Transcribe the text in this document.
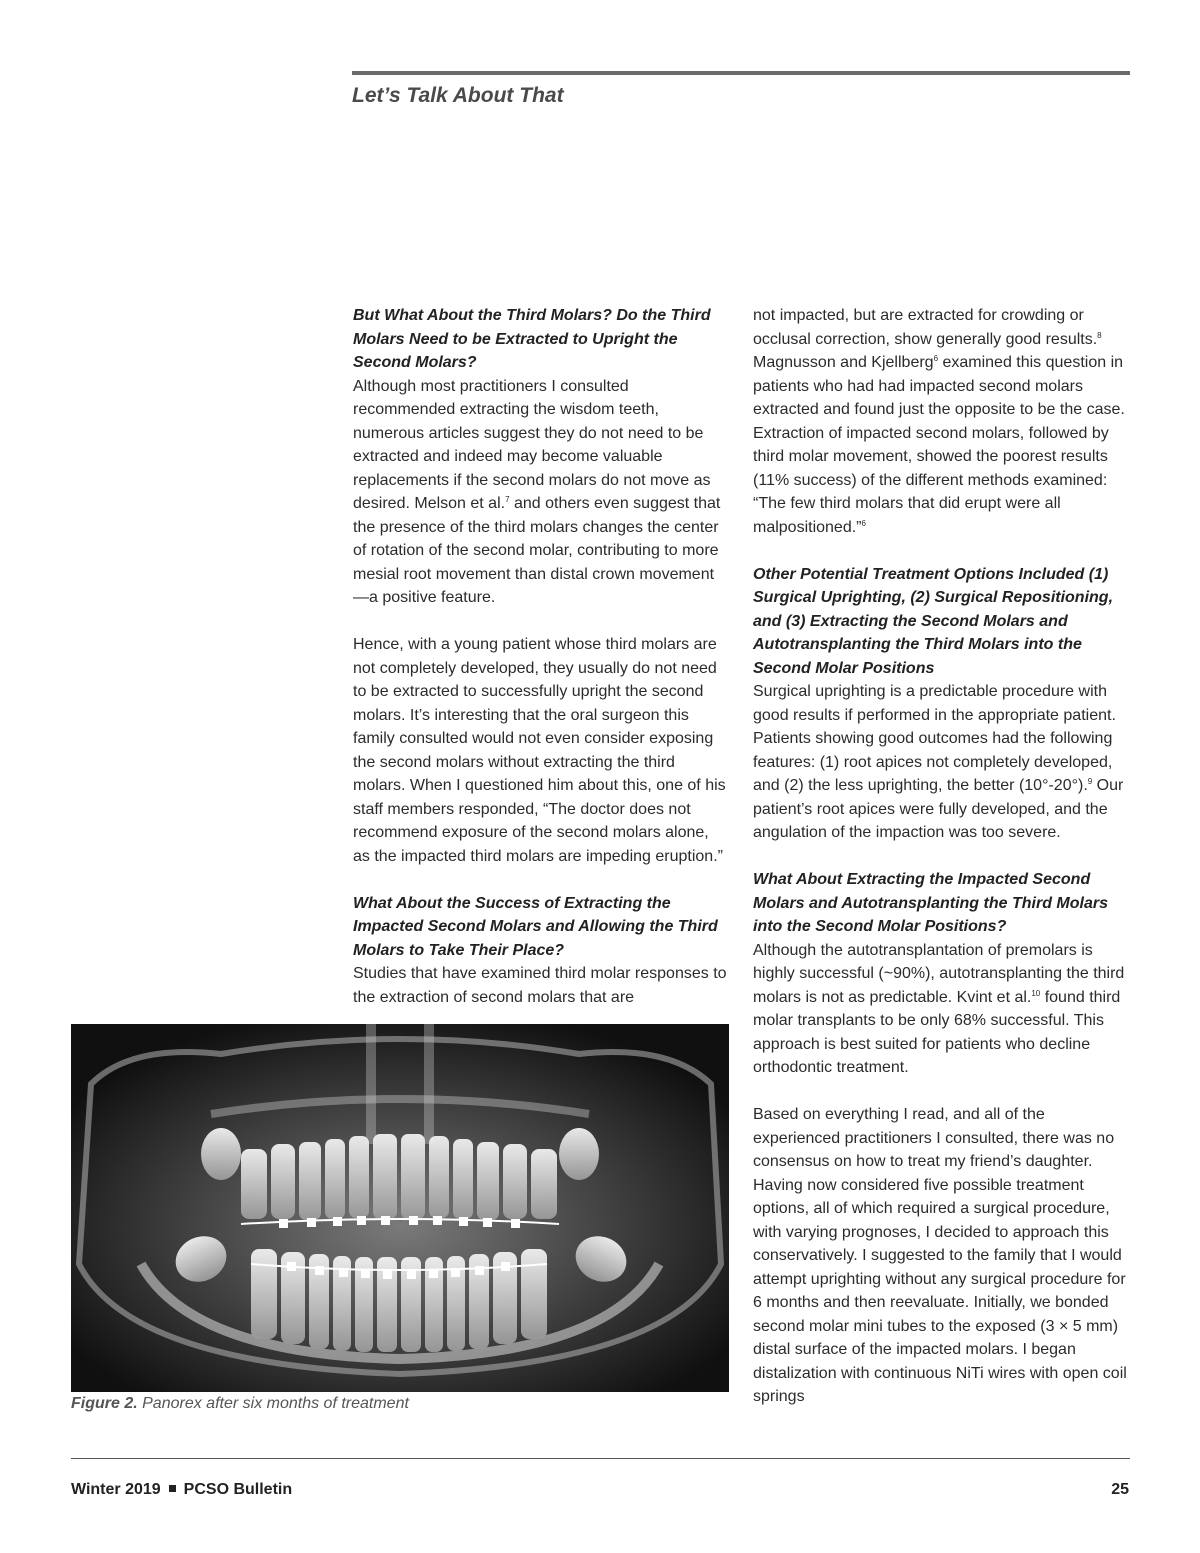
Let’s Talk About That
But What About the Third Molars? Do the Third Molars Need to be Extracted to Upright the Second Molars?

Although most practitioners I consulted recommended extracting the wisdom teeth, numerous articles suggest they do not need to be extracted and indeed may become valuable replacements if the second molars do not move as desired. Melson et al.$^7$ and others even suggest that the presence of the third molars changes the center of rotation of the second molar, contributing to more mesial root movement than distal crown movement—a positive feature.

Hence, with a young patient whose third molars are not completely developed, they usually do not need to be extracted to successfully upright the second molars. It’s interesting that the oral surgeon this family consulted would not even consider exposing the second molars without extracting the third molars. When I questioned him about this, one of his staff members responded, “The doctor does not recommend exposure of the second molars alone, as the impacted third molars are impeding eruption.”

What About the Success of Extracting the Impacted Second Molars and Allowing the Third Molars to Take Their Place?

Studies that have examined third molar responses to the extraction of second molars that are

not impacted, but are extracted for crowding or occlusal correction, show generally good results.$^8$ Magnusson and Kjellberg$^6$ examined this question in patients who had had impacted second molars extracted and found just the opposite to be the case. Extraction of impacted second molars, followed by third molar movement, showed the poorest results (11% success) of the different methods examined: “The few third molars that did erupt were all malpositioned.”$^6$

Other Potential Treatment Options Included (1) Surgical Uprighting, (2) Surgical Repositioning, and (3) Extracting the Second Molars and Autotransplanting the Third Molars into the Second Molar Positions

Surgical uprighting is a predictable procedure with good results if performed in the appropriate patient. Patients showing good outcomes had the following features: (1) root apices not completely developed, and (2) the less uprighting, the better (10°-20°).$^9$ Our patient’s root apices were fully developed, and the angulation of the impaction was too severe.

What About Extracting the Impacted Second Molars and Autotransplanting the Third Molars into the Second Molar Positions?

Although the autotransplantation of premolars is highly successful (~90%), autotransplanting the third molars is not as predictable. Kvint et al.$^{10}$ found third molar transplants to be only 68% successful. This approach is best suited for patients who decline orthodontic treatment.

Based on everything I read, and all of the experienced practitioners I consulted, there was no consensus on how to treat my friend’s daughter. Having now considered five possible treatment options, all of which required a surgical procedure, with varying prognoses, I decided to approach this conservatively. I suggested to the family that I would attempt uprighting without any surgical procedure for 6 months and then reevaluate. Initially, we bonded second molar mini tubes to the exposed (3 × 5 mm) distal surface of the impacted molars. I began distalization with continuous NiTi wires with open coil springs

Figure 2. Panorex after six months of treatment

Winter 2019 PCSO Bulletin	25
